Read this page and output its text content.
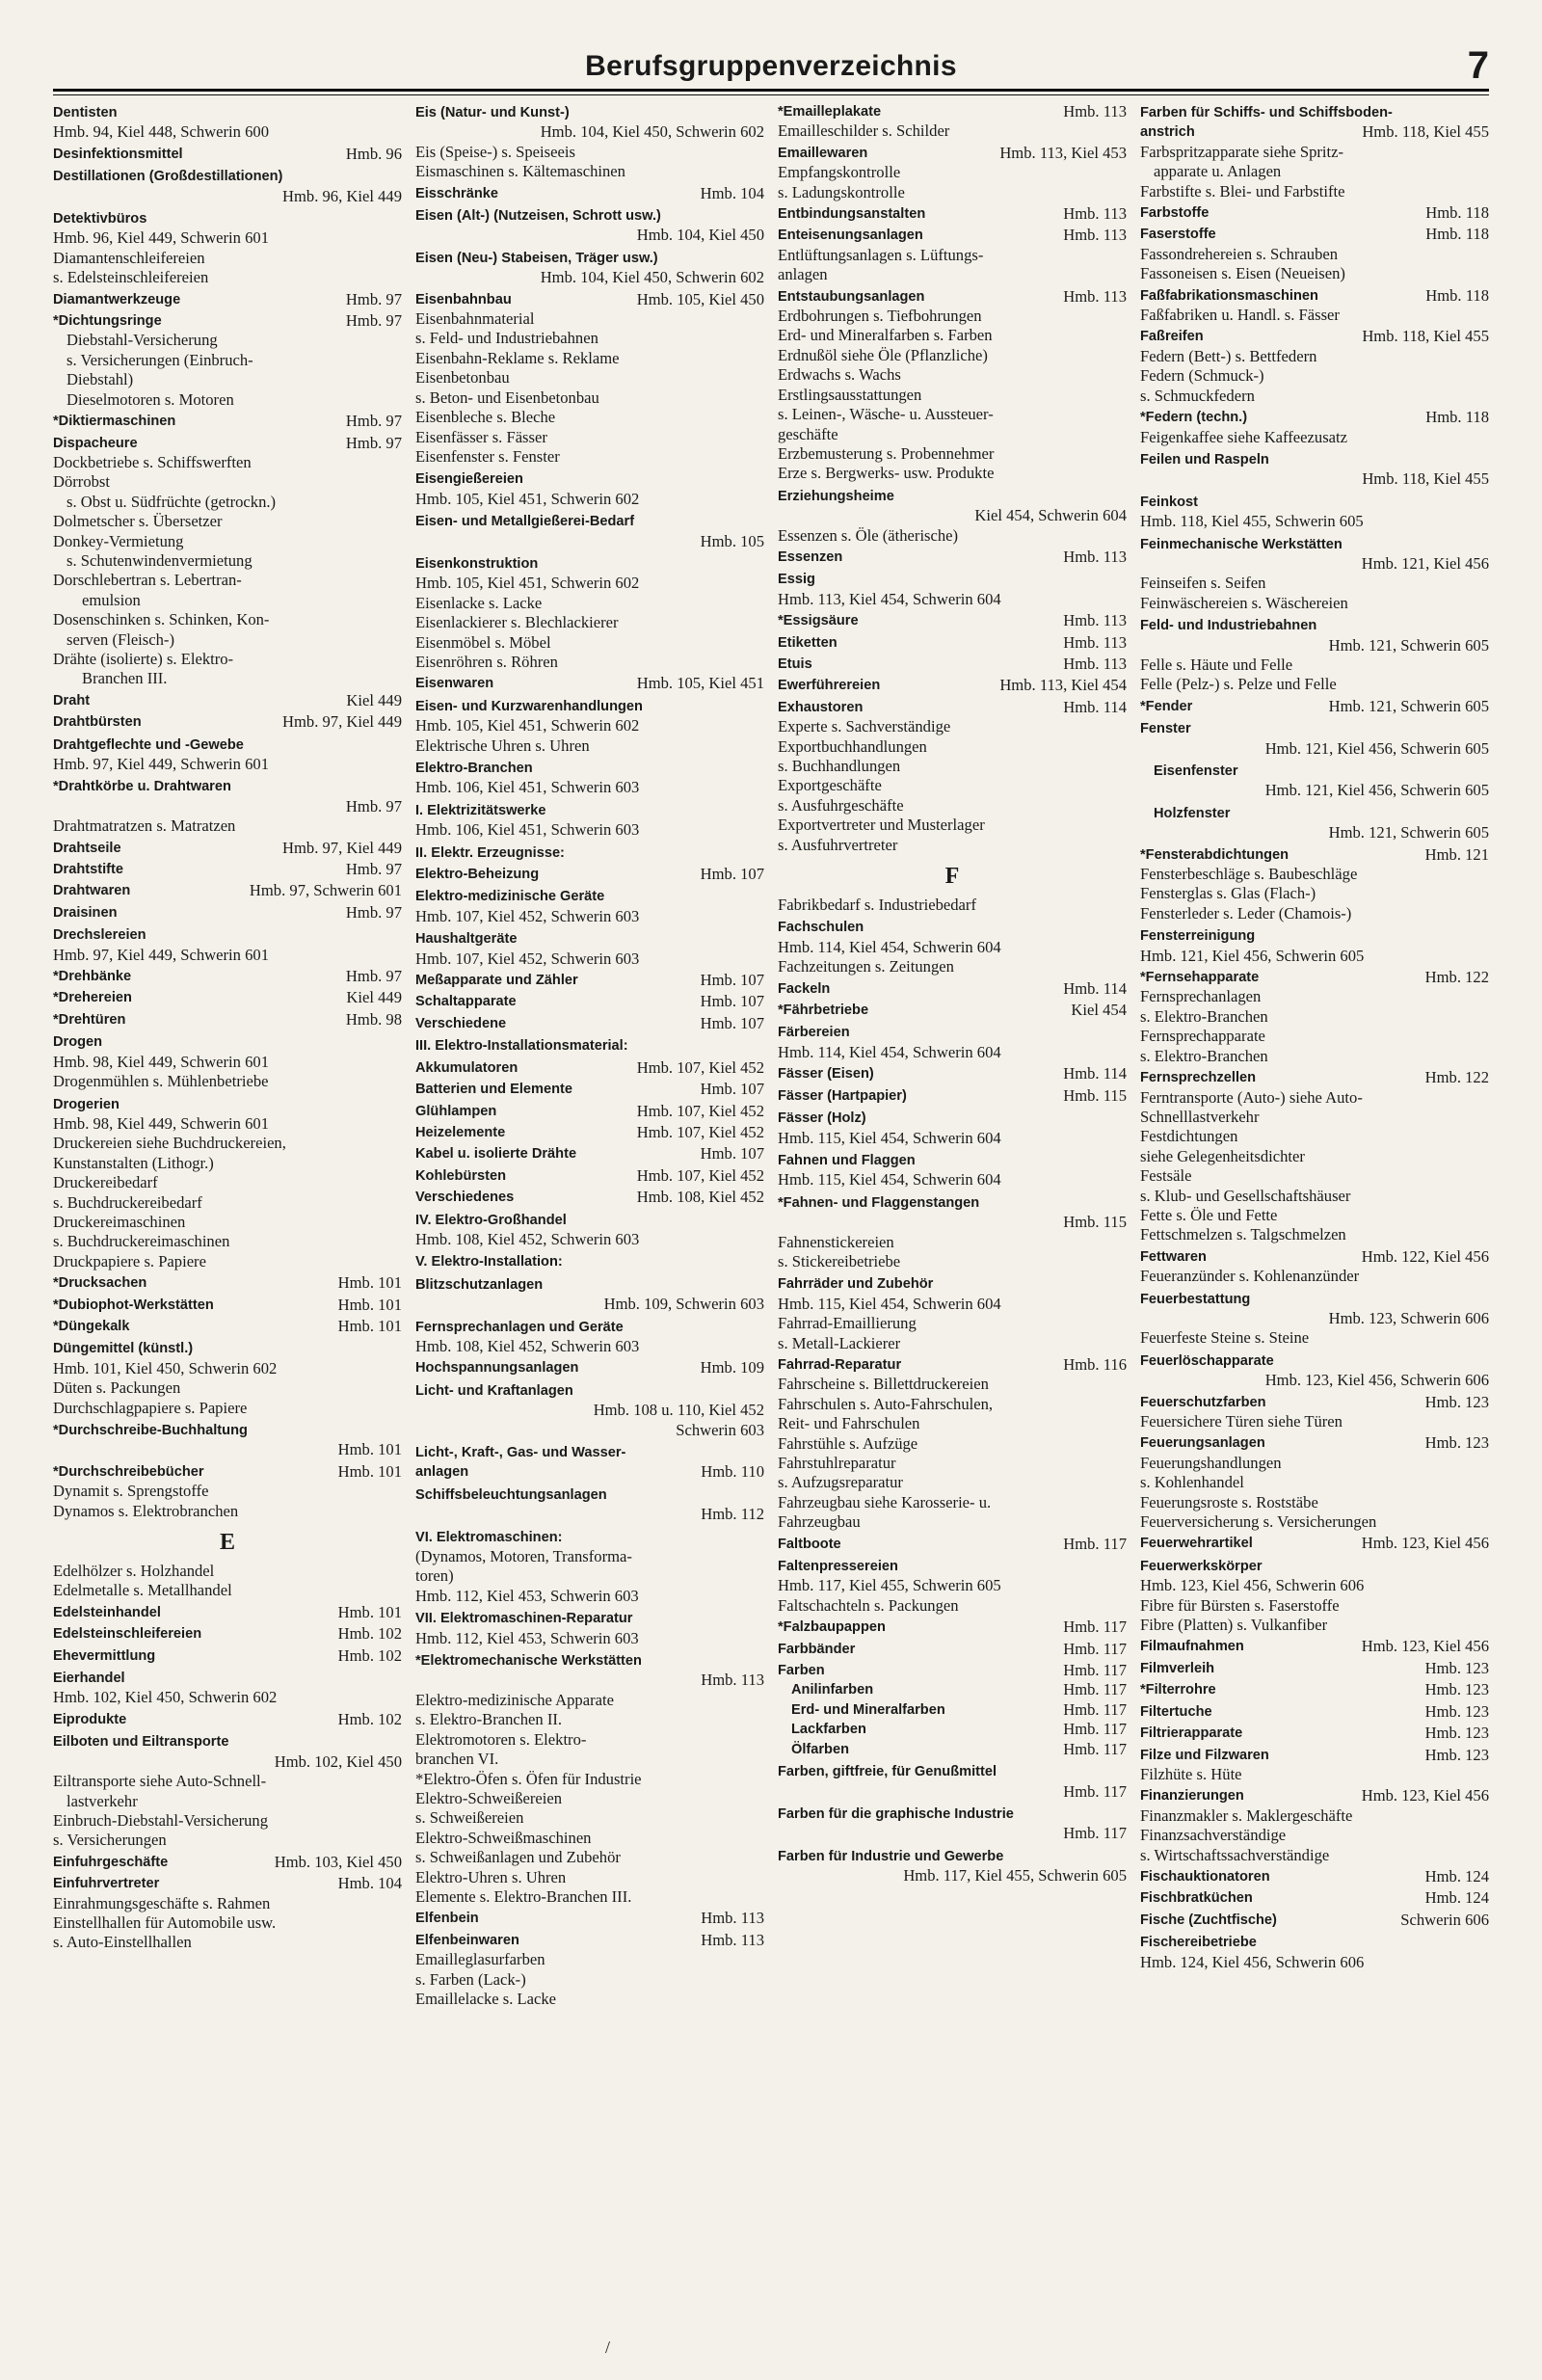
Berufsgruppenverzeichnis	7
Dentisten
Hmb. 94, Kiel 448, Schwerin 600
Desinfektionsmittel	Hmb. 96
Destillationen (Großdestillationen)
Hmb. 96, Kiel 449
Detektivbüros
Hmb. 96, Kiel 449, Schwerin 601
Diamantenschleifereien
s. Edelsteinschleifereien
Diamantwerkzeuge	Hmb. 97
*Dichtungsringe	Hmb. 97
Diebstahl-Versicherung
s. Versicherungen (Einbruch-
Diebstahl)
Dieselmotoren s. Motoren
*Diktiermaschinen	Hmb. 97
Dispacheure	Hmb. 97
Dockbetriebe s. Schiffswerften
Dörrobst
s. Obst u. Südfrüchte (getrockn.)
Dolmetscher s. Übersetzer
Donkey-Vermietung
s. Schutenwindenvermietung
Dorschlebertran s. Lebertran-
emulsion
Dosenschinken s. Schinken, Kon-
serven (Fleisch-)
Drähte (isolierte) s. Elektro-
Branchen III.
Draht	Kiel 449
Drahtbürsten	Hmb. 97, Kiel 449
Drahtgeflechte und -Gewebe
Hmb. 97, Kiel 449, Schwerin 601
*Drahtkörbe u. Drahtwaren
Hmb. 97
Drahtmatratzen s. Matratzen
Drahtseile	Hmb. 97, Kiel 449
Drahtstifte	Hmb. 97
Drahtwaren	Hmb. 97, Schwerin 601
Draisinen	Hmb. 97
Drechslereien
Hmb. 97, Kiel 449, Schwerin 601
*Drehbänke	Hmb. 97
*Drehereien	Kiel 449
*Drehtüren	Hmb. 98
Drogen
Hmb. 98, Kiel 449, Schwerin 601
Drogenmühlen s. Mühlenbetriebe
Drogerien
Hmb. 98, Kiel 449, Schwerin 601
Druckereien siehe Buchdruckereien,
Kunstanstalten (Lithogr.)
Druckereibedarf
s. Buchdruckereibedarf
Druckereimaschinen
s. Buchdruckereimaschinen
Druckpapiere s. Papiere
*Drucksachen	Hmb. 101
*Dubiophot-Werkstätten	Hmb. 101
*Düngekalk	Hmb. 101
Düngemittel (künstl.)
Hmb. 101, Kiel 450, Schwerin 602
Düten s. Packungen
Durchschlagpapiere s. Papiere
*Durchschreibe-Buchhaltung
Hmb. 101
*Durchschreibebücher	Hmb. 101
Dynamit s. Sprengstoffe
Dynamos s. Elektrobranchen
E
Edelhölzer s. Holzhandel
Edelmetalle s. Metallhandel
Edelsteinhandel	Hmb. 101
Edelsteinschleifereien	Hmb. 102
Ehevermittlung	Hmb. 102
Eierhandel
Hmb. 102, Kiel 450, Schwerin 602
Eiprodukte	Hmb. 102
Eilboten und Eiltransporte
Hmb. 102, Kiel 450
Eiltransporte siehe Auto-Schnell-
lastverkehr
Einbruch-Diebstahl-Versicherung
s. Versicherungen
Einfuhrgeschäfte	Hmb. 103, Kiel 450
Einfuhrvertreter	Hmb. 104
Einrahmungsgeschäfte s. Rahmen
Einstellhallen für Automobile usw.
s. Auto-Einstellhallen
Eis (Natur- und Kunst-)
Hmb. 104, Kiel 450, Schwerin 602
Eis (Speise-) s. Speiseeis
Eismaschinen s. Kältemaschinen
Eisschränke	Hmb. 104
Eisen (Alt-) (Nutzeisen, Schrott usw.)
Hmb. 104, Kiel 450
Eisen (Neu-) Stabeisen, Träger usw.)
Hmb. 104, Kiel 450, Schwerin 602
Eisenbahnbau	Hmb. 105, Kiel 450
Eisenbahnmaterial
s. Feld- und Industriebahnen
Eisenbahn-Reklame s. Reklame
Eisenbetonbau
s. Beton- und Eisenbetonbau
Eisenbleche s. Bleche
Eisenfässer s. Fässer
Eisenfenster s. Fenster
Eisengießereien
Hmb. 105, Kiel 451, Schwerin 602
Eisen- und Metallgießerei-Bedarf
Hmb. 105
Eisenkonstruktion
Hmb. 105, Kiel 451, Schwerin 602
Eisenlacke s. Lacke
Eisenlackierer s. Blechlackierer
Eisenmöbel s. Möbel
Eisenröhren s. Röhren
Eisenwaren	Hmb. 105, Kiel 451
Eisen- und Kurzwarenhandlungen
Hmb. 105, Kiel 451, Schwerin 602
Elektrische Uhren s. Uhren
Elektro-Branchen
Hmb. 106, Kiel 451, Schwerin 603
I. Elektrizitätswerke
Hmb. 106, Kiel 451, Schwerin 603
II. Elektr. Erzeugnisse:
Elektro-Beheizung	Hmb. 107
Elektro-medizinische Geräte
Hmb. 107, Kiel 452, Schwerin 603
Haushaltgeräte
Hmb. 107, Kiel 452, Schwerin 603
Meßapparate und Zähler	Hmb. 107
Schaltapparate	Hmb. 107
Verschiedene	Hmb. 107
III. Elektro-Installationsmaterial:
Akkumulatoren	Hmb. 107, Kiel 452
Batterien und Elemente	Hmb. 107
Glühlampen	Hmb. 107, Kiel 452
Heizelemente	Hmb. 107, Kiel 452
Kabel u. isolierte Drähte	Hmb. 107
Kohlebürsten	Hmb. 107, Kiel 452
Verschiedenes	Hmb. 108, Kiel 452
IV. Elektro-Großhandel
Hmb. 108, Kiel 452, Schwerin 603
V. Elektro-Installation:
Blitzschutzanlagen
Hmb. 109, Schwerin 603
Fernsprechanlagen und Geräte
Hmb. 108, Kiel 452, Schwerin 603
Hochspannungsanlagen	Hmb. 109
Licht- und Kraftanlagen
Hmb. 108 u. 110, Kiel 452
Schwerin 603
Licht-, Kraft-, Gas- und Wasser-
anlagen	Hmb. 110
Schiffsbeleuchtungsanlagen
Hmb. 112
VI. Elektromaschinen:
(Dynamos, Motoren, Transforma-
toren)
Hmb. 112, Kiel 453, Schwerin 603
VII. Elektromaschinen-Reparatur
Hmb. 112, Kiel 453, Schwerin 603
*Elektromechanische Werkstätten
Hmb. 113
Elektro-medizinische Apparate
s. Elektro-Branchen II.
Elektromotoren s. Elektro-
branchen VI.
*Elektro-Öfen s. Öfen für Industrie
Elektro-Schweißereien
s. Schweißereien
Elektro-Schweißmaschinen
s. Schweißanlagen und Zubehör
Elektro-Uhren s. Uhren
Elemente s. Elektro-Branchen III.
Elfenbein	Hmb. 113
Elfenbeinwaren	Hmb. 113
Emailleglasurfarben
s. Farben (Lack-)
Emaillelacke s. Lacke
*Emailleplakate	Hmb. 113
Emailleschilder s. Schilder
Emaillewaren	Hmb. 113, Kiel 453
Empfangskontrolle
s. Ladungskontrolle
Entbindungsanstalten	Hmb. 113
Enteisenungsanlagen	Hmb. 113
Entlüftungsanlagen s. Lüftungs-
anlagen
Entstaubungsanlagen	Hmb. 113
Erdbohrungen s. Tiefbohrungen
Erd- und Mineralfarben s. Farben
Erdnußöl siehe Öle (Pflanzliche)
Erdwachs s. Wachs
Erstlingsausstattungen
s. Leinen-, Wäsche- u. Aussteuer-
geschäfte
Erzbemusterung s. Probennehmer
Erze s. Bergwerks- usw. Produkte
Erziehungsheime
Kiel 454, Schwerin 604
Essenzen s. Öle (ätherische)
Essenzen	Hmb. 113
Essig
Hmb. 113, Kiel 454, Schwerin 604
*Essigsäure	Hmb. 113
Etiketten	Hmb. 113
Etuis	Hmb. 113
Ewerführereien	Hmb. 113, Kiel 454
Exhaustoren	Hmb. 114
Experte s. Sachverständige
Exportbuchhandlungen
s. Buchhandlungen
Exportgeschäfte
s. Ausfuhrgeschäfte
Exportvertreter und Musterlager
s. Ausfuhrvertreter
F
Fabrikbedarf s. Industriebedarf
Fachschulen
Hmb. 114, Kiel 454, Schwerin 604
Fachzeitungen s. Zeitungen
Fackeln	Hmb. 114
*Fährbetriebe	Kiel 454
Färbereien
Hmb. 114, Kiel 454, Schwerin 604
Fässer (Eisen)	Hmb. 114
Fässer (Hartpapier)	Hmb. 115
Fässer (Holz)
Hmb. 115, Kiel 454, Schwerin 604
Fahnen und Flaggen
Hmb. 115, Kiel 454, Schwerin 604
*Fahnen- und Flaggenstangen
Hmb. 115
Fahnenstickereien
s. Stickereibetriebe
Fahrräder und Zubehör
Hmb. 115, Kiel 454, Schwerin 604
Fahrrad-Emaillierung
s. Metall-Lackierer
Fahrrad-Reparatur	Hmb. 116
Fahrscheine s. Billettdruckereien
Fahrschulen s. Auto-Fahrschulen,
Reit- und Fahrschulen
Fahrstühle s. Aufzüge
Fahrstuhlreparatur
s. Aufzugsreparatur
Fahrzeugbau siehe Karosserie- u.
Fahrzeugbau
Faltboote	Hmb. 117
Faltenpressereien
Hmb. 117, Kiel 455, Schwerin 605
Faltschachteln s. Packungen
*Falzbaupappen	Hmb. 117
Farbbänder	Hmb. 117
Farben	Hmb. 117
Anilinfarben	Hmb. 117
Erd- und Mineralfarben	Hmb. 117
Lackfarben	Hmb. 117
Ölfarben	Hmb. 117
Farben, giftfreie, für Genußmittel
Hmb. 117
Farben für die graphische Industrie
Hmb. 117
Farben für Industrie und Gewerbe
Hmb. 117, Kiel 455, Schwerin 605
Farben für Schiffs- und Schiffsboden-
anstrich	Hmb. 118, Kiel 455
Farbspritzapparate siehe Spritz-
apparate u. Anlagen
Farbstifte s. Blei- und Farbstifte
Farbstoffe	Hmb. 118
Faserstoffe	Hmb. 118
Fassondrehereien s. Schrauben
Fassoneisen s. Eisen (Neueisen)
Faßfabrikationsmaschinen	Hmb. 118
Faßfabriken u. Handl. s. Fässer
Faßreifen	Hmb. 118, Kiel 455
Federn (Bett-) s. Bettfedern
Federn (Schmuck-)
s. Schmuckfedern
*Federn (techn.)	Hmb. 118
Feigenkaffee siehe Kaffeezusatz
Feilen und Raspeln
Hmb. 118, Kiel 455
Feinkost
Hmb. 118, Kiel 455, Schwerin 605
Feinmechanische Werkstätten
Hmb. 121, Kiel 456
Feinseifen s. Seifen
Feinwäschereien s. Wäschereien
Feld- und Industriebahnen
Hmb. 121, Schwerin 605
Felle s. Häute und Felle
Felle (Pelz-) s. Pelze und Felle
*Fender	Hmb. 121, Schwerin 605
Fenster
Hmb. 121, Kiel 456, Schwerin 605
Eisenfenster
Hmb. 121, Kiel 456, Schwerin 605
Holzfenster
Hmb. 121, Schwerin 605
*Fensterabdichtungen	Hmb. 121
Fensterbeschläge s. Baubeschläge
Fensterglas s. Glas (Flach-)
Fensterleder s. Leder (Chamois-)
Fensterreinigung
Hmb. 121, Kiel 456, Schwerin 605
*Fernsehapparate	Hmb. 122
Fernsprechanlagen
s. Elektro-Branchen
Fernsprechapparate
s. Elektro-Branchen
Fernsprechzellen	Hmb. 122
Ferntransporte (Auto-) siehe Auto-
Schnelllastverkehr
Festdichtungen
siehe Gelegenheitsdichter
Festsäle
s. Klub- und Gesellschaftshäuser
Fette s. Öle und Fette
Fettschmelzen s. Talgschmelzen
Fettwaren	Hmb. 122, Kiel 456
Feueranzünder s. Kohlenanzünder
Feuerbestattung
Hmb. 123, Schwerin 606
Feuerfeste Steine s. Steine
Feuerlöschapparate
Hmb. 123, Kiel 456, Schwerin 606
Feuerschutzfarben	Hmb. 123
Feuersichere Türen siehe Türen
Feuerungsanlagen	Hmb. 123
Feuerungshandlungen
s. Kohlenhandel
Feuerungsroste s. Roststäbe
Feuerversicherung s. Versicherungen
Feuerwehrartikel	Hmb. 123, Kiel 456
Feuerwerkskörper
Hmb. 123, Kiel 456, Schwerin 606
Fibre für Bürsten s. Faserstoffe
Fibre (Platten) s. Vulkanfiber
Filmaufnahmen	Hmb. 123, Kiel 456
Filmverleih	Hmb. 123
*Filterrohre	Hmb. 123
Filtertuche	Hmb. 123
Filtrierapparate	Hmb. 123
Filze und Filzwaren	Hmb. 123
Filzhüte s. Hüte
Finanzierungen	Hmb. 123, Kiel 456
Finanzmakler s. Maklergeschäfte
Finanzsachverständige
s. Wirtschaftssachverständige
Fischauktionatoren	Hmb. 124
Fischbratküchen	Hmb. 124
Fische (Zuchtfische)	Schwerin 606
Fischereibetriebe
Hmb. 124, Kiel 456, Schwerin 606
/
